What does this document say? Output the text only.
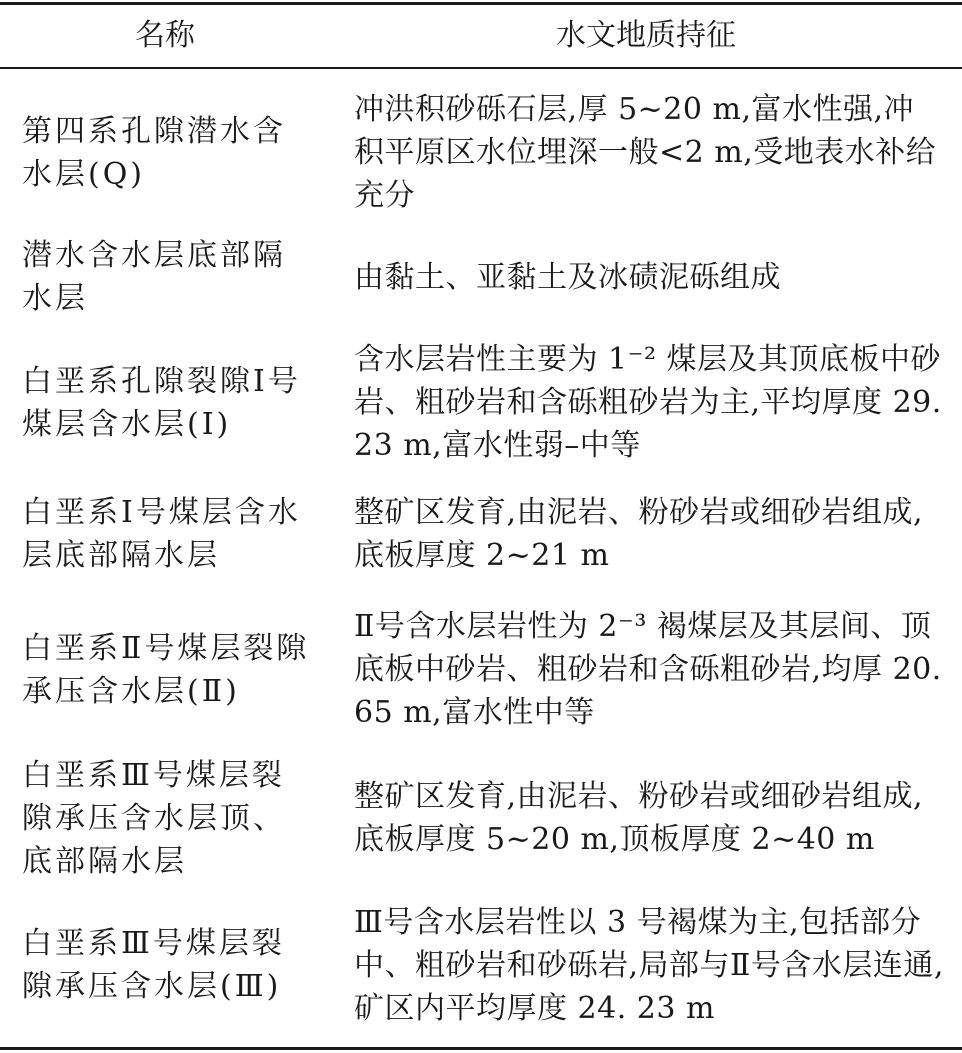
名称	水文地质持征
第四系孔隙潜水含水层(Q)
冲洪积砂砾石层,厚 5~20 m,富水性强,冲积平原区水位埋深一般<2 m,受地表水补给充分
潜水含水层底部隔水层
由黏土、亚黏土及冰碛泥砾组成
白垩系孔隙裂隙Ⅰ号煤层含水层(Ⅰ)
含水层岩性主要为 1⁻² 煤层及其顶底板中砂岩、粗砂岩和含砾粗砂岩为主,平均厚度 29. 23 m,富水性弱–中等
白垩系Ⅰ号煤层含水层底部隔水层
整矿区发育,由泥岩、粉砂岩或细砂岩组成,底板厚度 2~21 m
白垩系Ⅱ号煤层裂隙承压含水层(Ⅱ)
Ⅱ号含水层岩性为 2⁻³ 褐煤层及其层间、顶底板中砂岩、粗砂岩和含砾粗砂岩,均厚 20. 65 m,富水性中等
白垩系Ⅲ号煤层裂隙承压含水层顶、底部隔水层
整矿区发育,由泥岩、粉砂岩或细砂岩组成,底板厚度 5~20 m,顶板厚度 2~40 m
白垩系Ⅲ号煤层裂隙承压含水层(Ⅲ)
Ⅲ号含水层岩性以 3 号褐煤为主,包括部分中、粗砂岩和砂砾岩,局部与Ⅱ号含水层连通,矿区内平均厚度 24. 23 m
